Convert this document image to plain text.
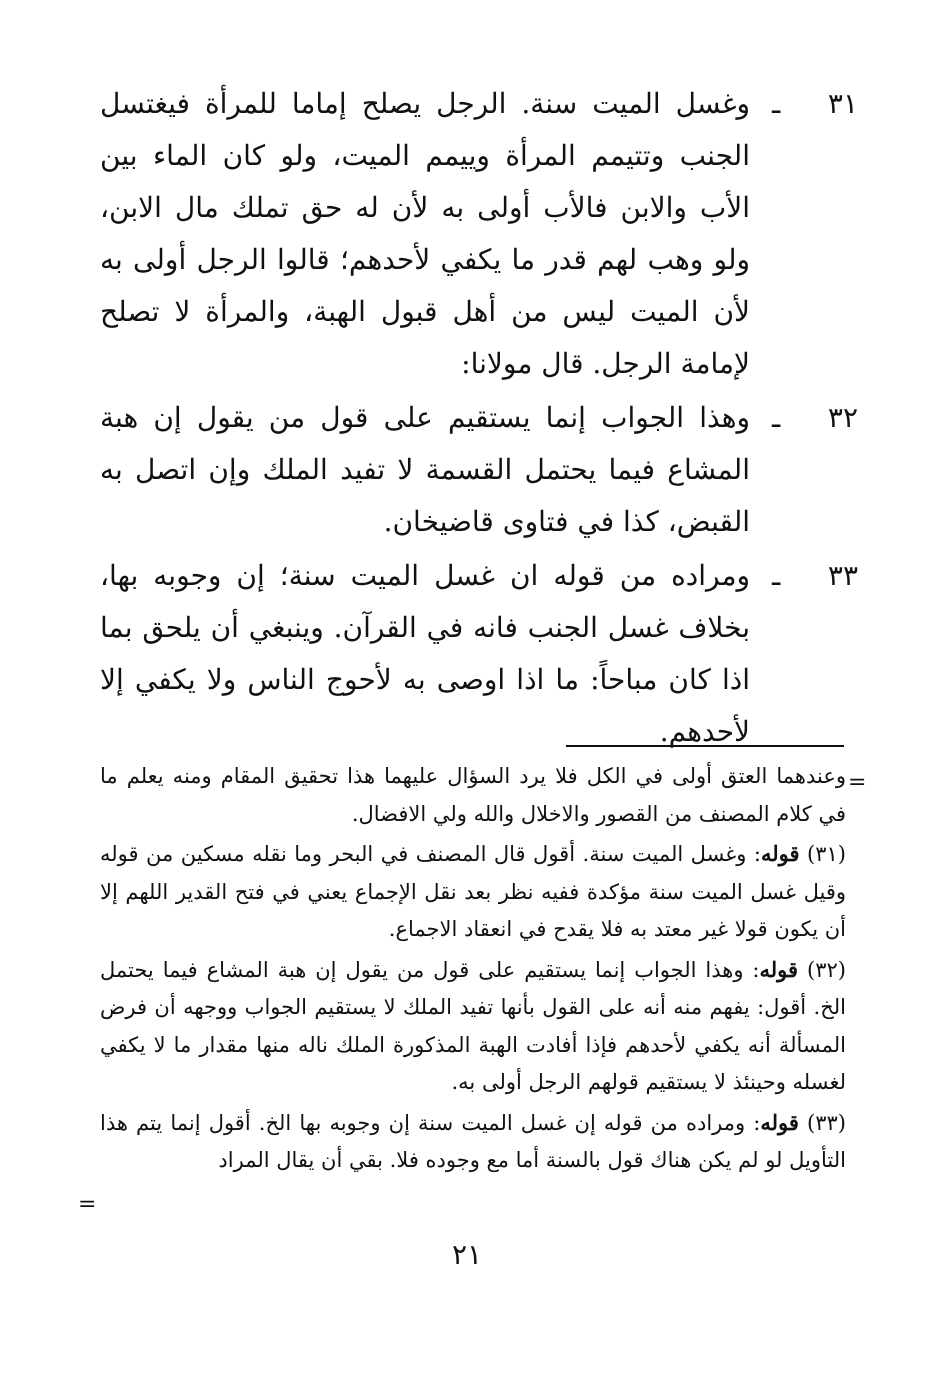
٣١
ـ
وغسل الميت سنة. الرجل يصلح إماما للمرأة فيغتسل الجنب وتتيمم المرأة وييمم الميت، ولو كان الماء بين الأب والابن فالأب أولى به لأن له حق تملك مال الابن، ولو وهب لهم قدر ما يكفي لأحدهم؛ قالوا الرجل أولى به لأن الميت ليس من أهل قبول الهبة، والمرأة لا تصلح لإمامة الرجل. قال مولانا:
٣٢
ـ
وهذا الجواب إنما يستقيم على قول من يقول إن هبة المشاع فيما يحتمل القسمة لا تفيد الملك وإن اتصل به القبض، كذا في فتاوى قاضيخان.
٣٣
ـ
ومراده من قوله ان غسل الميت سنة؛ إن وجوبه بها، بخلاف غسل الجنب فانه في القرآن. وينبغي أن يلحق بما اذا كان مباحاً: ما اذا اوصى به لأحوج الناس ولا يكفي إلا لأحدهم.
=
وعندهما العتق أولى في الكل فلا يرد السؤال عليهما هذا تحقيق المقام ومنه يعلم ما في كلام المصنف من القصور والاخلال والله ولي الافضال.
(٣١) قوله: وغسل الميت سنة. أقول قال المصنف في البحر وما نقله مسكين من قوله وقيل غسل الميت سنة مؤكدة ففيه نظر بعد نقل الإجماع يعني في فتح القدير اللهم إلا أن يكون قولا غير معتد به فلا يقدح في انعقاد الاجماع.
(٣٢) قوله: وهذا الجواب إنما يستقيم على قول من يقول إن هبة المشاع فيما يحتمل الخ. أقول: يفهم منه أنه على القول بأنها تفيد الملك لا يستقيم الجواب ووجهه أن فرض المسألة أنه يكفي لأحدهم فإذا أفادت الهبة المذكورة الملك ناله منها مقدار ما لا يكفي لغسله وحينئذ لا يستقيم قولهم الرجل أولى به.
(٣٣) قوله: ومراده من قوله إن غسل الميت سنة إن وجوبه بها الخ. أقول إنما يتم هذا التأويل لو لم يكن هناك قول بالسنة أما مع وجوده فلا. بقي أن يقال المراد
=
٢١
